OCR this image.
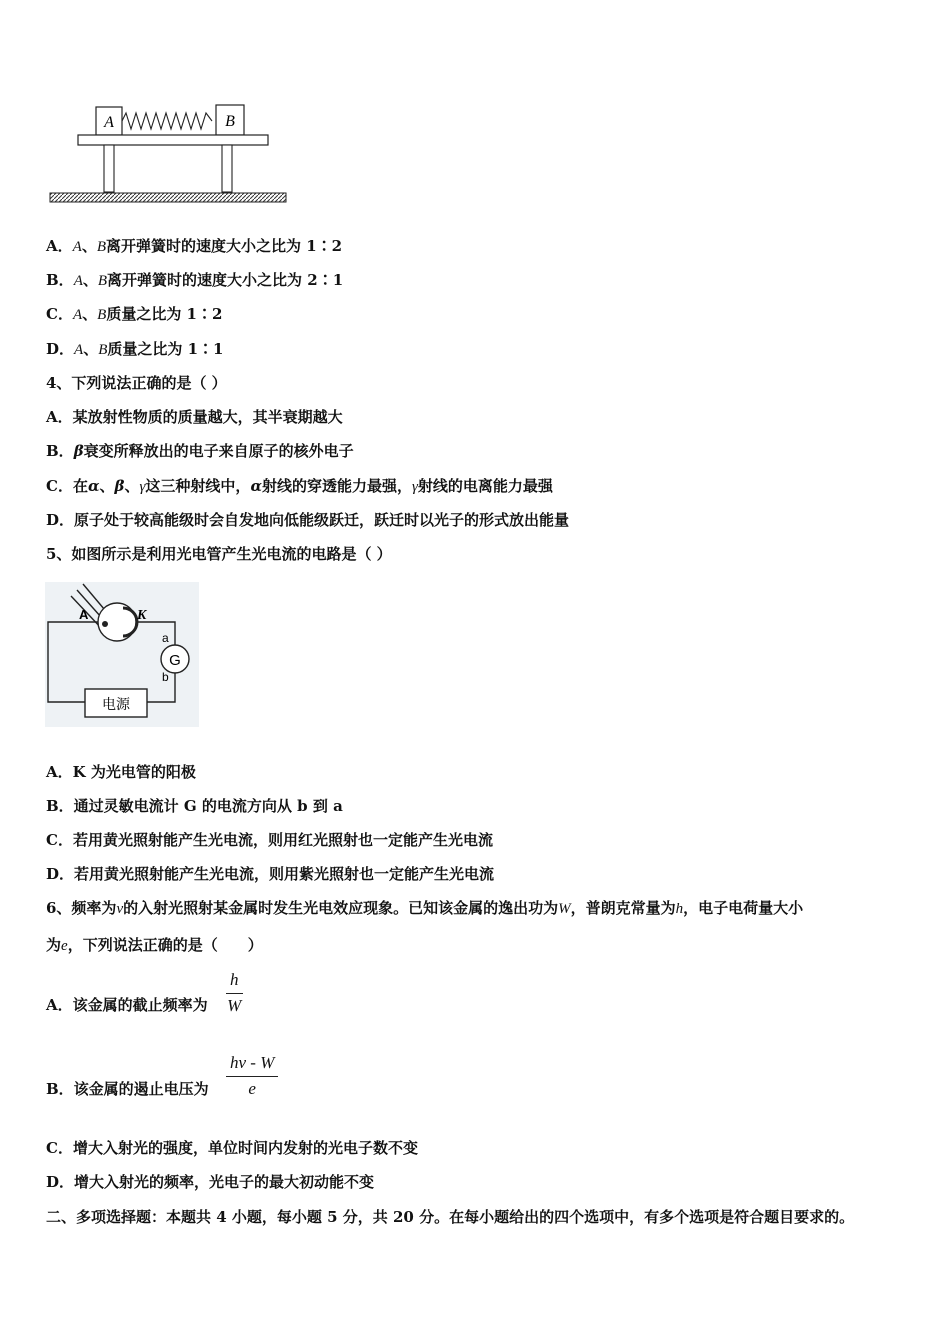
A	B
A．A、B离开弹簧时的速度大小之比为 1∶2
B．A、B离开弹簧时的速度大小之比为 2∶1
C．A、B质量之比为 1∶2
D．A、B质量之比为 1∶1
4、下列说法正确的是（ ）
A．某放射性物质的质量越大，其半衰期越大
B．β衰变所释放出的电子来自原子的核外电子
C．在α、β、γ这三种射线中，α射线的穿透能力最强，γ射线的电离能力最强
D．原子处于较高能级时会自发地向低能级跃迁，跃迁时以光子的形式放出能量
5、如图所示是利用光电管产生光电流的电路是（ ）
A	K
G
a
b
电源
A．K 为光电管的阳极
B．通过灵敏电流计 G 的电流方向从 b 到 a
C．若用黄光照射能产生光电流，则用红光照射也一定能产生光电流
D．若用黄光照射能产生光电流，则用紫光照射也一定能产生光电流
6、频率为ν的入射光照射某金属时发生光电效应现象。已知该金属的逸出功为W，普朗克常量为h，电子电荷量大小
为e，下列说法正确的是（　　）
A．该金属的截止频率为
h
W
B．该金属的遏止电压为
hν - W
e
C．增大入射光的强度，单位时间内发射的光电子数不变
D．增大入射光的频率，光电子的最大初动能不变
二、多项选择题：本题共 4 小题，每小题 5 分，共 20 分。在每小题给出的四个选项中，有多个选项是符合题目要求的。
